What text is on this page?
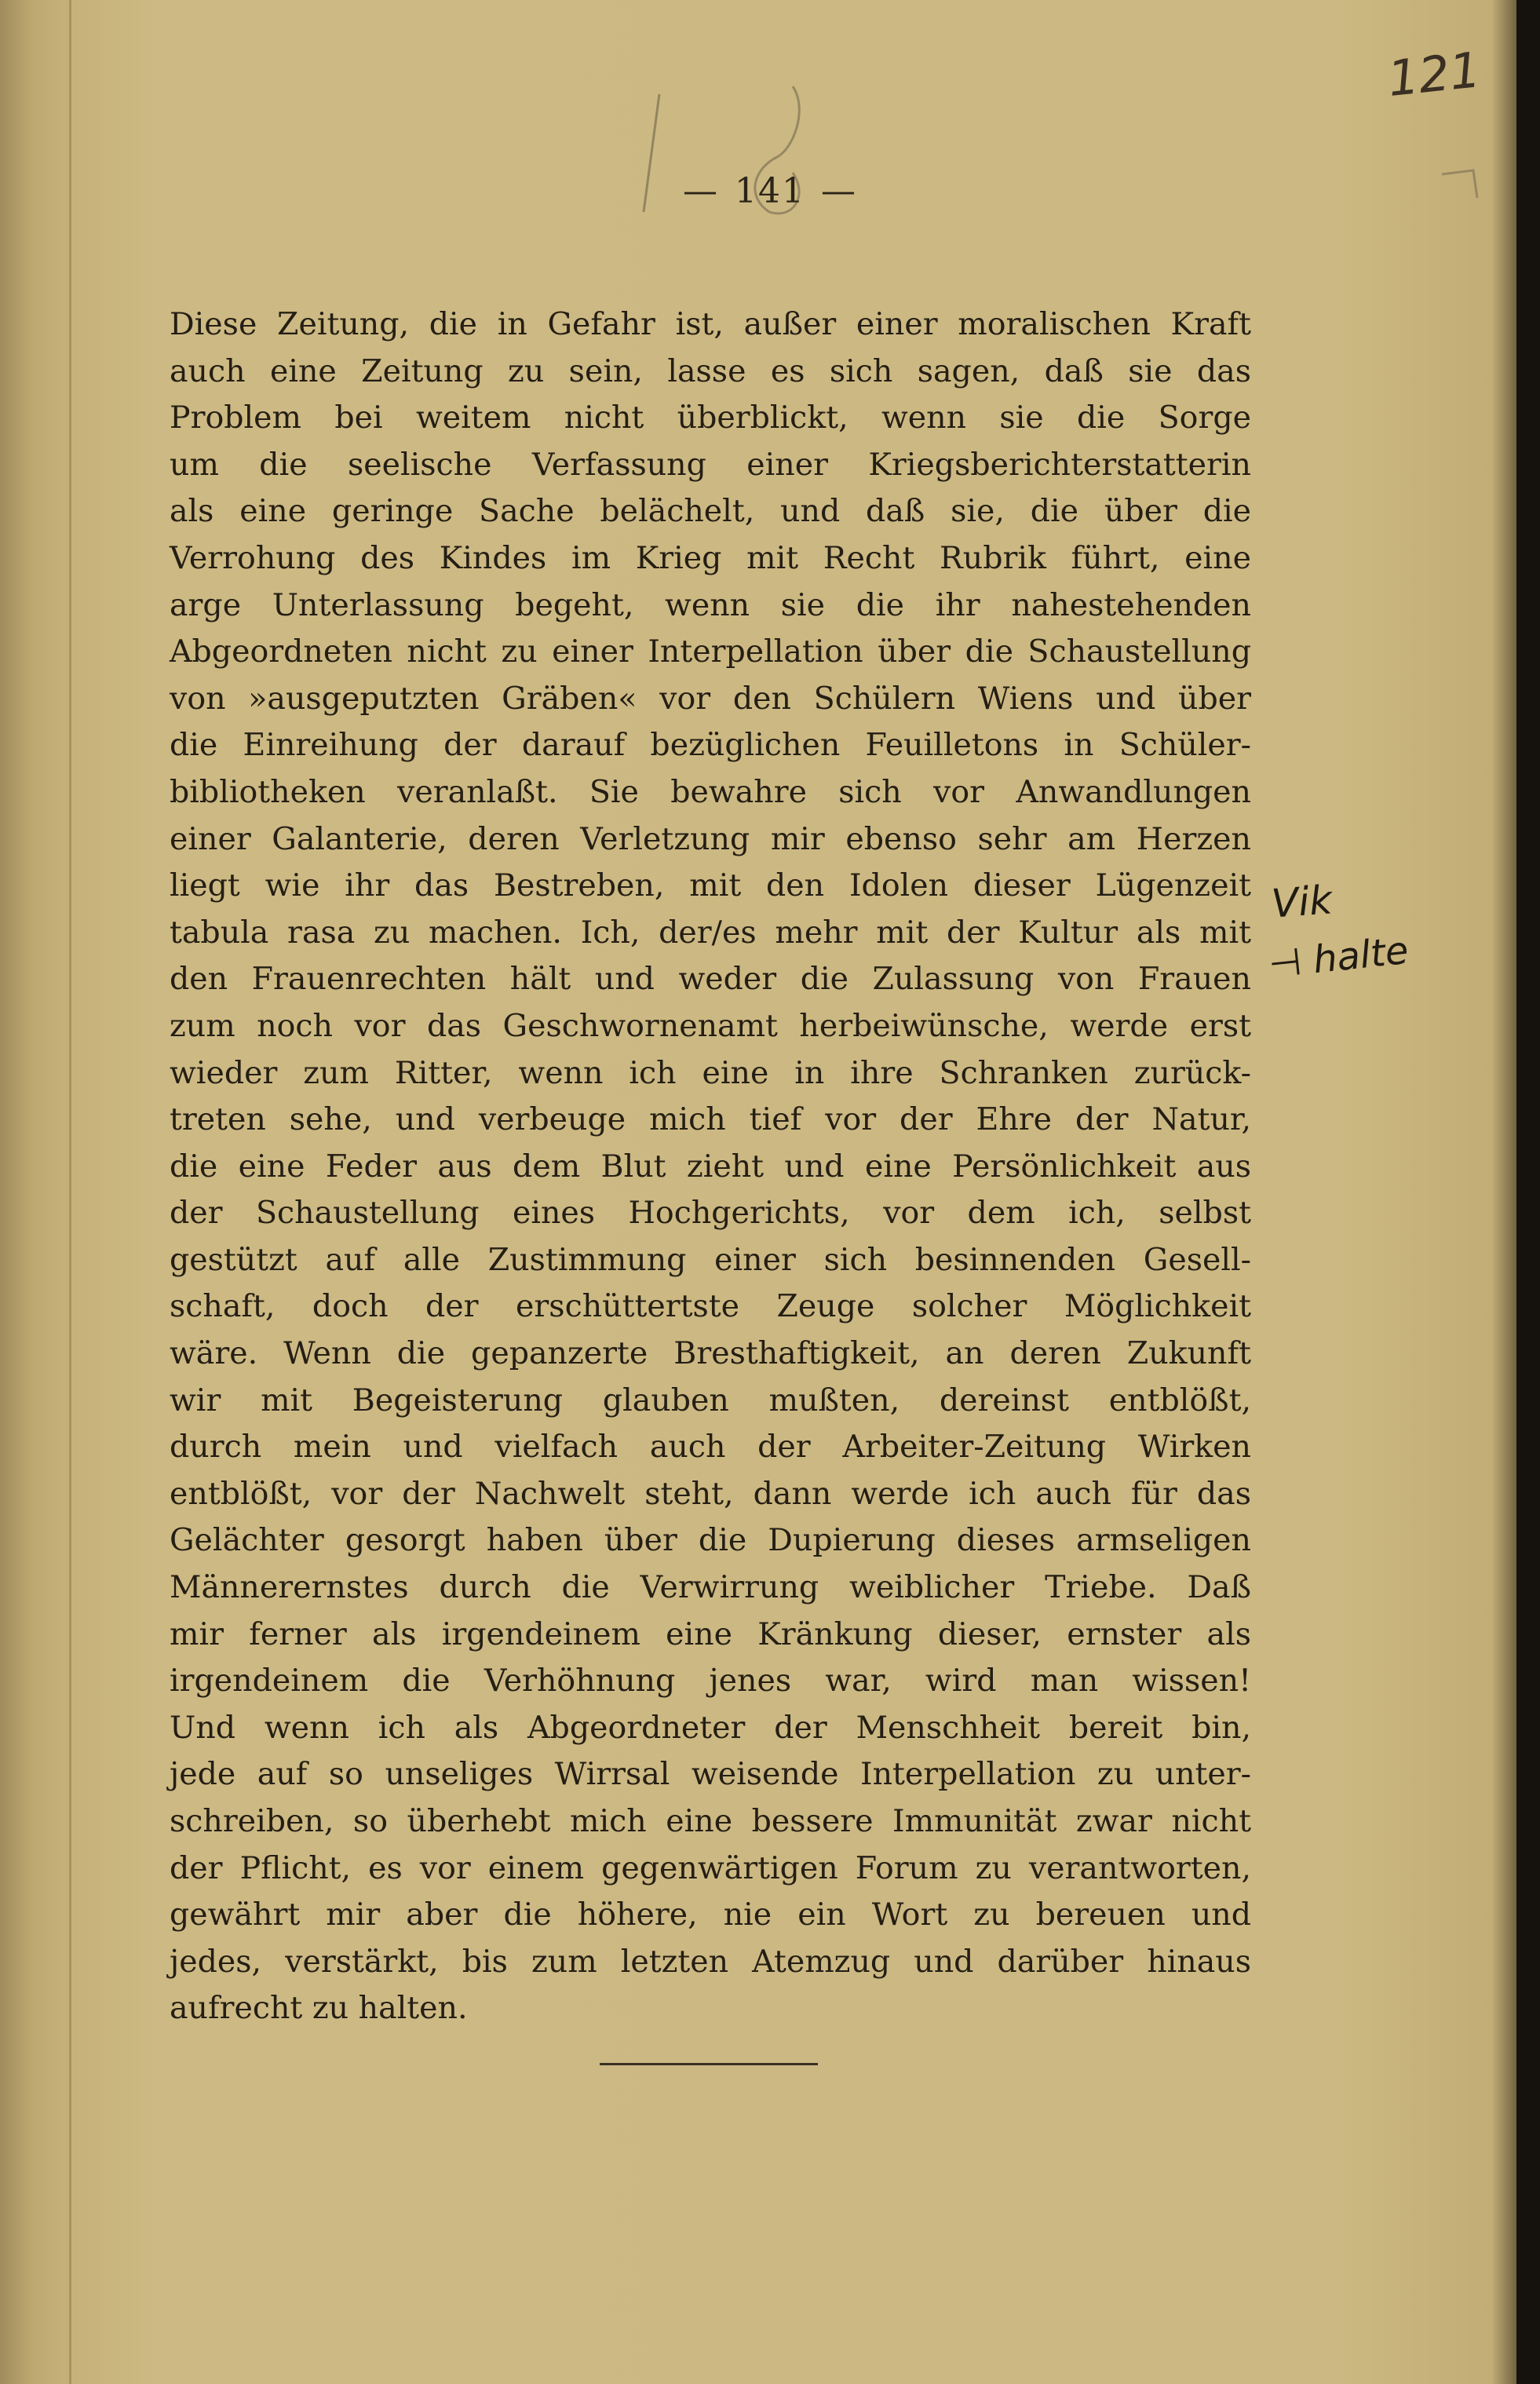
121
— 141 —
Diese Zeitung, die in Gefahr ist, außer einer moralischen Kraft
auch eine Zeitung zu sein, lasse es sich sagen, daß sie das
Problem bei weitem nicht überblickt, wenn sie die Sorge
um die seelische Verfassung einer Kriegsberichterstatterin
als eine geringe Sache belächelt, und daß sie, die über die
Verrohung des Kindes im Krieg mit Recht Rubrik führt, eine
arge Unterlassung begeht, wenn sie die ihr nahestehenden
Abgeordneten nicht zu einer Interpellation über die Schaustellung
von »ausgeputzten Gräben« vor den Schülern Wiens und über
die Einreihung der darauf bezüglichen Feuilletons in Schüler-
bibliotheken veranlaßt. Sie bewahre sich vor Anwandlungen
einer Galanterie, deren Verletzung mir ebenso sehr am Herzen
liegt wie ihr das Bestreben, mit den Idolen dieser Lügenzeit
tabula rasa zu machen. Ich, der/es mehr mit der Kultur als mit
den Frauenrechten hält und weder die Zulassung von Frauen
zum noch vor das Geschwornenamt herbeiwünsche, werde erst
wieder zum Ritter, wenn ich eine in ihre Schranken zurück-
treten sehe, und verbeuge mich tief vor der Ehre der Natur,
die eine Feder aus dem Blut zieht und eine Persönlichkeit aus
der Schaustellung eines Hochgerichts, vor dem ich, selbst
gestützt auf alle Zustimmung einer sich besinnenden Gesell-
schaft, doch der erschüttertste Zeuge solcher Möglichkeit
wäre. Wenn die gepanzerte Bresthaftigkeit, an deren Zukunft
wir mit Begeisterung glauben mußten, dereinst entblößt,
durch mein und vielfach auch der Arbeiter-Zeitung Wirken
entblößt, vor der Nachwelt steht, dann werde ich auch für das
Gelächter gesorgt haben über die Dupierung dieses armseligen
Männerernstes durch die Verwirrung weiblicher Triebe. Daß
mir ferner als irgendeinem eine Kränkung dieser, ernster als
irgendeinem die Verhöhnung jenes war, wird man wissen!
Und wenn ich als Abgeordneter der Menschheit bereit bin,
jede auf so unseliges Wirrsal weisende Interpellation zu unter-
schreiben, so überhebt mich eine bessere Immunität zwar nicht
der Pflicht, es vor einem gegenwärtigen Forum zu verantworten,
gewährt mir aber die höhere, nie ein Wort zu bereuen und
jedes, verstärkt, bis zum letzten Atemzug und darüber hinaus
aufrecht zu halten.
Vik
⊣ halte
